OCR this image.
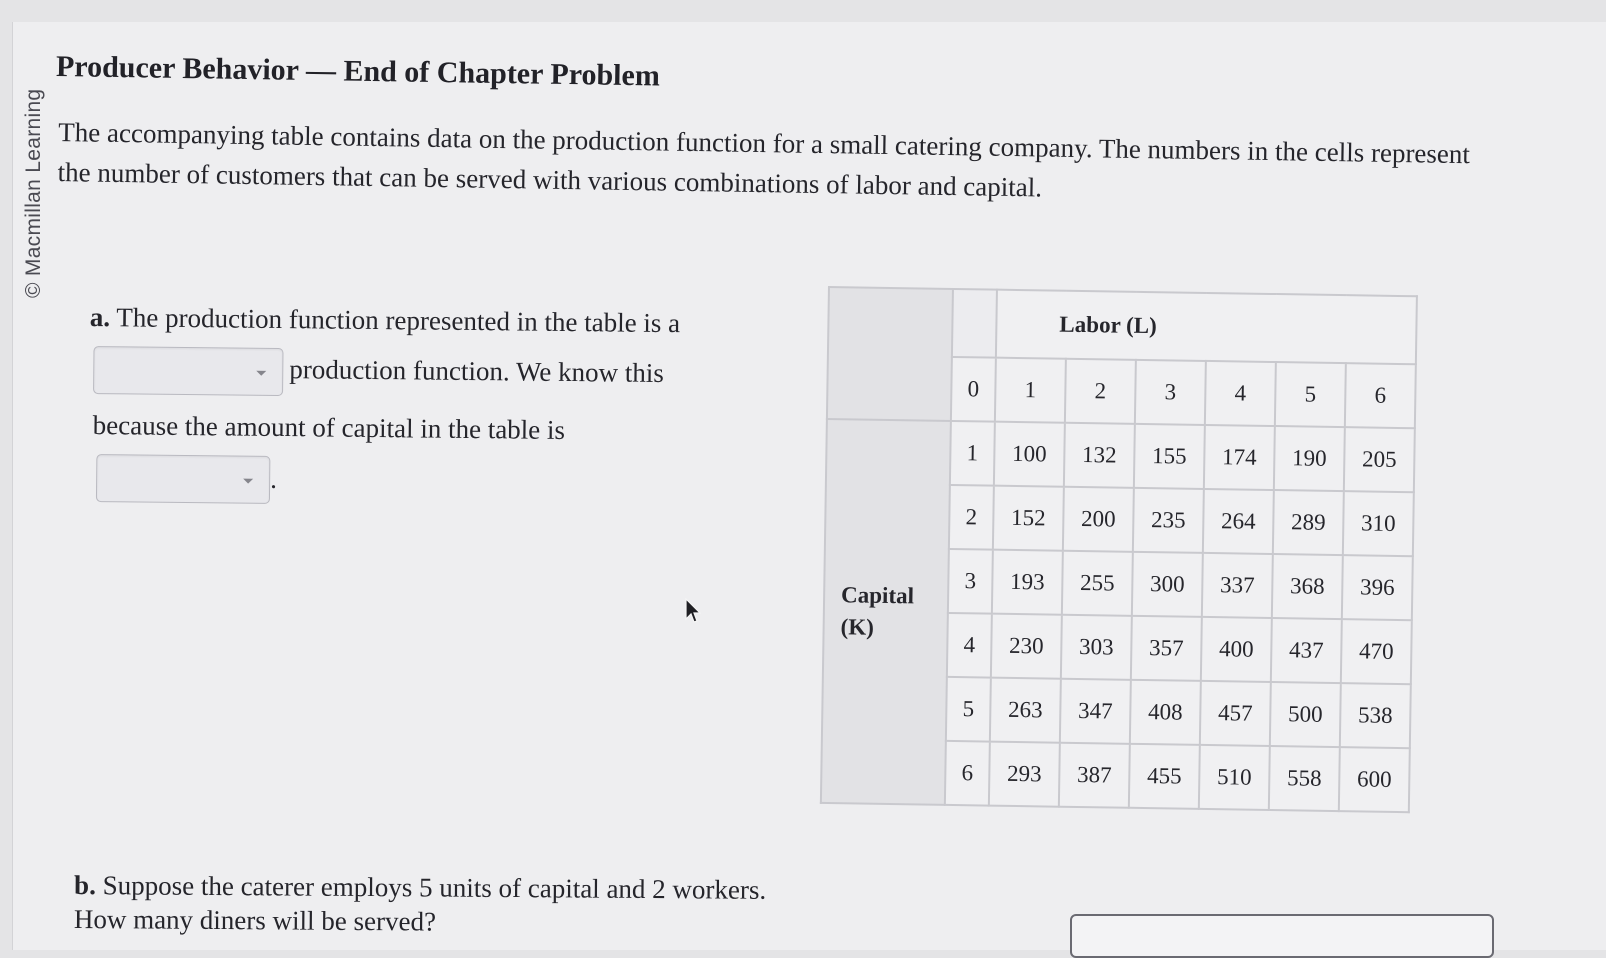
© Macmillan Learning
Producer Behavior — End of Chapter Problem
The accompanying table contains data on the production function for a small catering company. The numbers in the cells represent the number of customers that can be served with various combinations of labor and capital.
a. The production function represented in the table is a
production function. We know this
because the amount of capital in the table is
.
		Labor (L)					
	0	1	2	3	4	5	6

Capital
(K)	1	100	132	155	174	190	205
	2	152	200	235	264	289	310
	3	193	255	300	337	368	396
	4	230	303	357	400	437	470
	5	263	347	408	457	500	538
	6	293	387	455	510	558	600
b. Suppose the caterer employs 5 units of capital and 2 workers. How many diners will be served?
